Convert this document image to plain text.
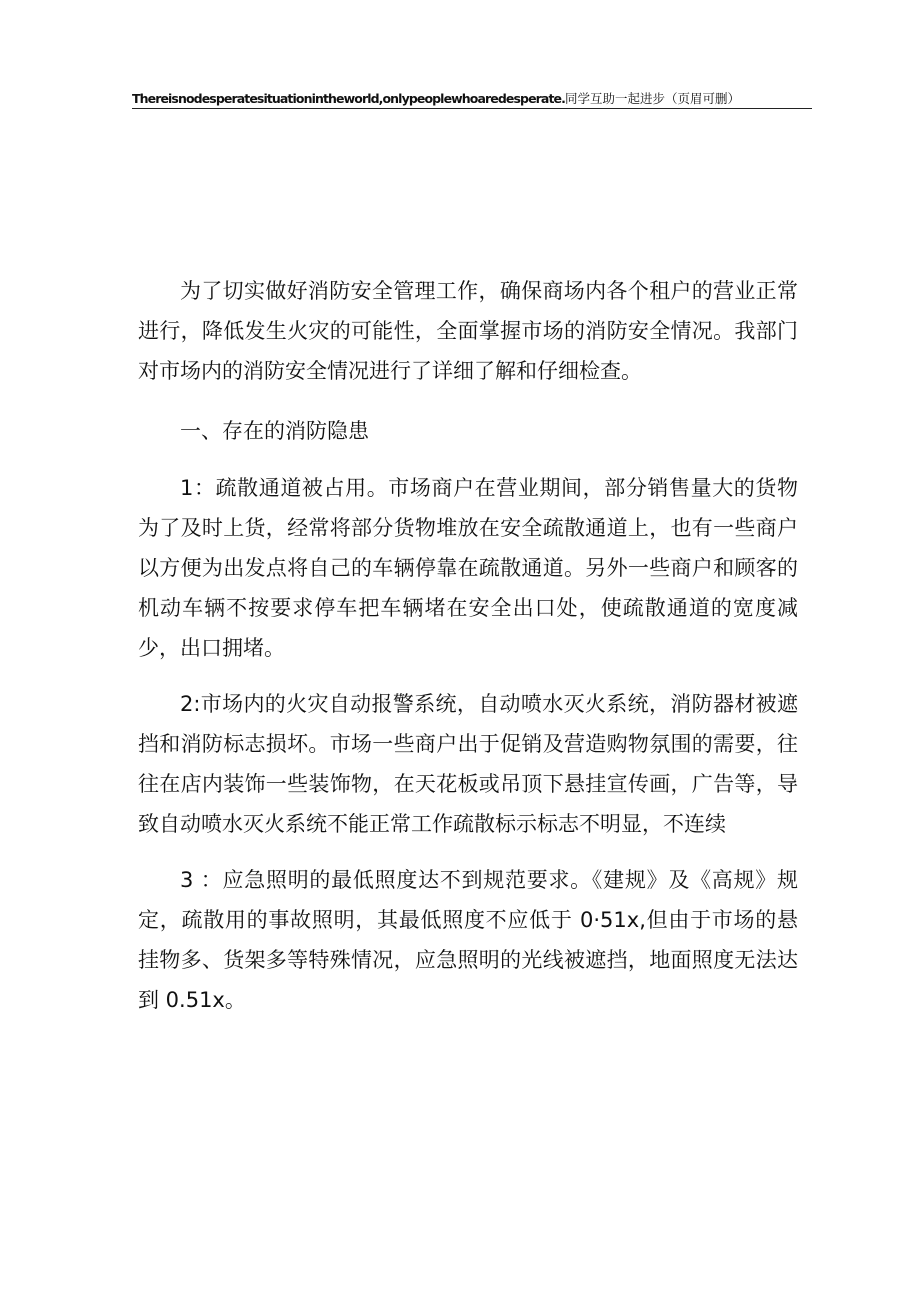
Thereisnodesperatesituationintheworld,onlypeoplewhoaredesperate.同学互助一起进步（页眉可删）

为了切实做好消防安全管理工作，确保商场内各个租户的营业正常进行，降低发生火灾的可能性，全面掌握市场的消防安全情况。我部门对市场内的消防安全情况进行了详细了解和仔细检查。

一、存在的消防隐患

1：疏散通道被占用。市场商户在营业期间，部分销售量大的货物为了及时上货，经常将部分货物堆放在安全疏散通道上，也有一些商户以方便为出发点将自己的车辆停靠在疏散通道。另外一些商户和顾客的机动车辆不按要求停车把车辆堵在安全出口处，使疏散通道的宽度减少，出口拥堵。

2:市场内的火灾自动报警系统，自动喷水灭火系统，消防器材被遮挡和消防标志损坏。市场一些商户出于促销及营造购物氛围的需要，往往在店内装饰一些装饰物，在天花板或吊顶下悬挂宣传画，广告等，导致自动喷水灭火系统不能正常工作疏散标示标志不明显，不连续

3 ：应急照明的最低照度达不到规范要求。《建规》及《高规》规定，疏散用的事故照明，其最低照度不应低于 0·51x,但由于市场的悬挂物多、货架多等特殊情况，应急照明的光线被遮挡，地面照度无法达到 0.51x。
